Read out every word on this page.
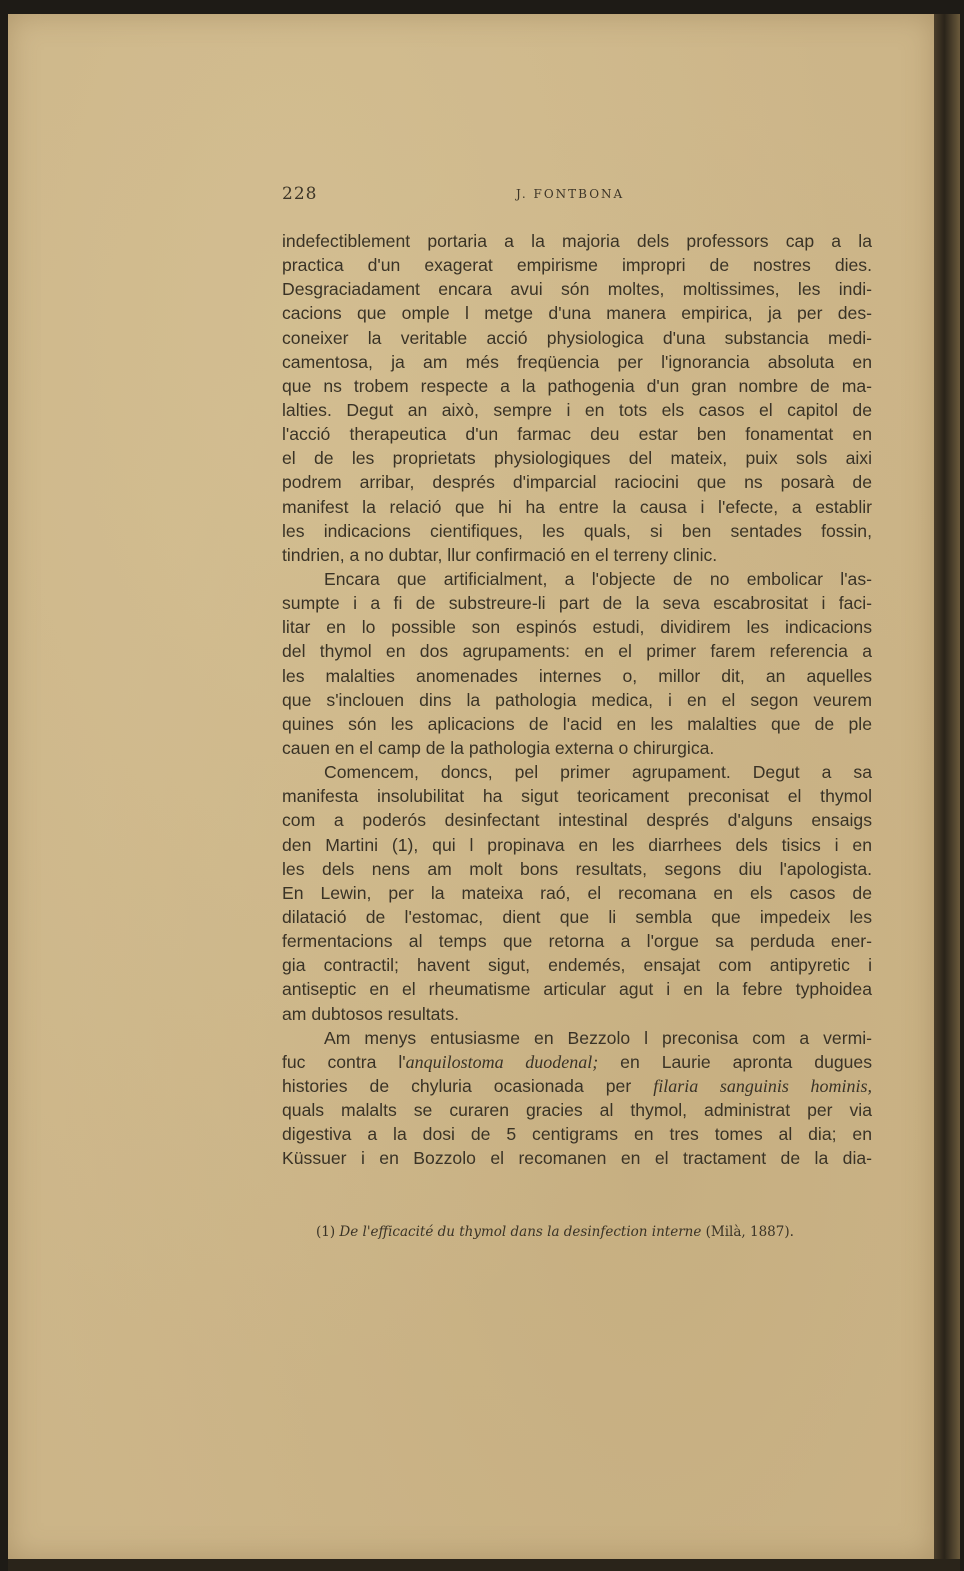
228	J. FONTBONA
indefectiblement portaria a la majoria dels professors cap a la
practica d'un exagerat empirisme impropri de nostres dies.
Desgraciadament encara avui són moltes, moltissimes, les indi-
cacions que omple l metge d'una manera empirica, ja per des-
coneixer la veritable acció physiologica d'una substancia medi-
camentosa, ja am més freqüencia per l'ignorancia absoluta en
que ns trobem respecte a la pathogenia d'un gran nombre de ma-
lalties. Degut an això, sempre i en tots els casos el capitol de
l'acció therapeutica d'un farmac deu estar ben fonamentat en
el de les proprietats physiologiques del mateix, puix sols aixi
podrem arribar, després d'imparcial raciocini que ns posarà de
manifest la relació que hi ha entre la causa i l'efecte, a establir
les indicacions cientifiques, les quals, si ben sentades fossin,
tindrien, a no dubtar, llur confirmació en el terreny clinic.
Encara que artificialment, a l'objecte de no embolicar l'as-
sumpte i a fi de substreure-li part de la seva escabrositat i faci-
litar en lo possible son espinós estudi, dividirem les indicacions
del thymol en dos agrupaments: en el primer farem referencia a
les malalties anomenades internes o, millor dit, an aquelles
que s'inclouen dins la pathologia medica, i en el segon veurem
quines són les aplicacions de l'acid en les malalties que de ple
cauen en el camp de la pathologia externa o chirurgica.
Comencem, doncs, pel primer agrupament. Degut a sa
manifesta insolubilitat ha sigut teoricament preconisat el thymol
com a poderós desinfectant intestinal després d'alguns ensaigs
den Martini (1), qui l propinava en les diarrhees dels tisics i en
les dels nens am molt bons resultats, segons diu l'apologista.
En Lewin, per la mateixa raó, el recomana en els casos de
dilatació de l'estomac, dient que li sembla que impedeix les
fermentacions al temps que retorna a l'orgue sa perduda ener-
gia contractil; havent sigut, endemés, ensajat com antipyretic i
antiseptic en el rheumatisme articular agut i en la febre typhoidea
am dubtosos resultats.
Am menys entusiasme en Bezzolo l preconisa com a vermi-
fuc contra l'anquilostoma duodenal; en Laurie apronta dugues
histories de chyluria ocasionada per filaria sanguinis hominis,
quals malalts se curaren gracies al thymol, administrat per via
digestiva a la dosi de 5 centigrams en tres tomes al dia; en
Küssuer i en Bozzolo el recomanen en el tractament de la dia-
(1) De l'efficacité du thymol dans la desinfection interne (Milà, 1887).
